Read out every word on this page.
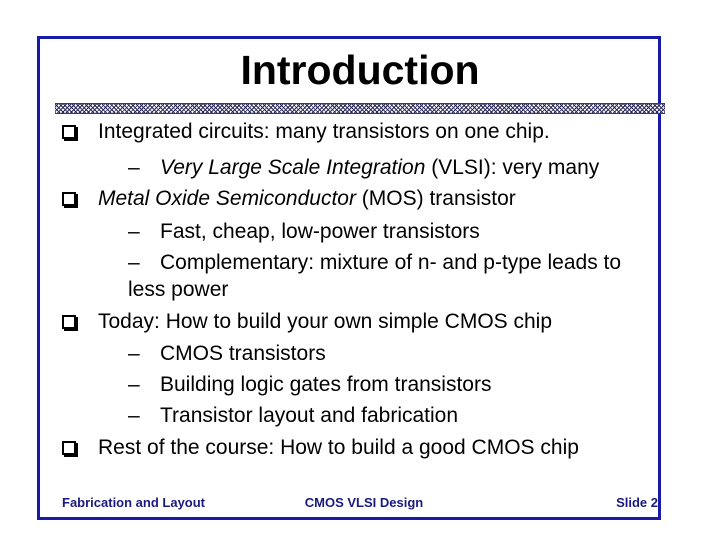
Introduction
Integrated circuits: many transistors on one chip.
– Very Large Scale Integration (VLSI): very many
Metal Oxide Semiconductor (MOS) transistor
– Fast, cheap, low-power transistors
– Complementary: mixture of n- and p-type leads to
less power
Today: How to build your own simple CMOS chip
– CMOS transistors
– Building logic gates from transistors
– Transistor layout and fabrication
Rest of the course: How to build a good CMOS chip
Fabrication and Layout	CMOS VLSI Design	Slide 2
